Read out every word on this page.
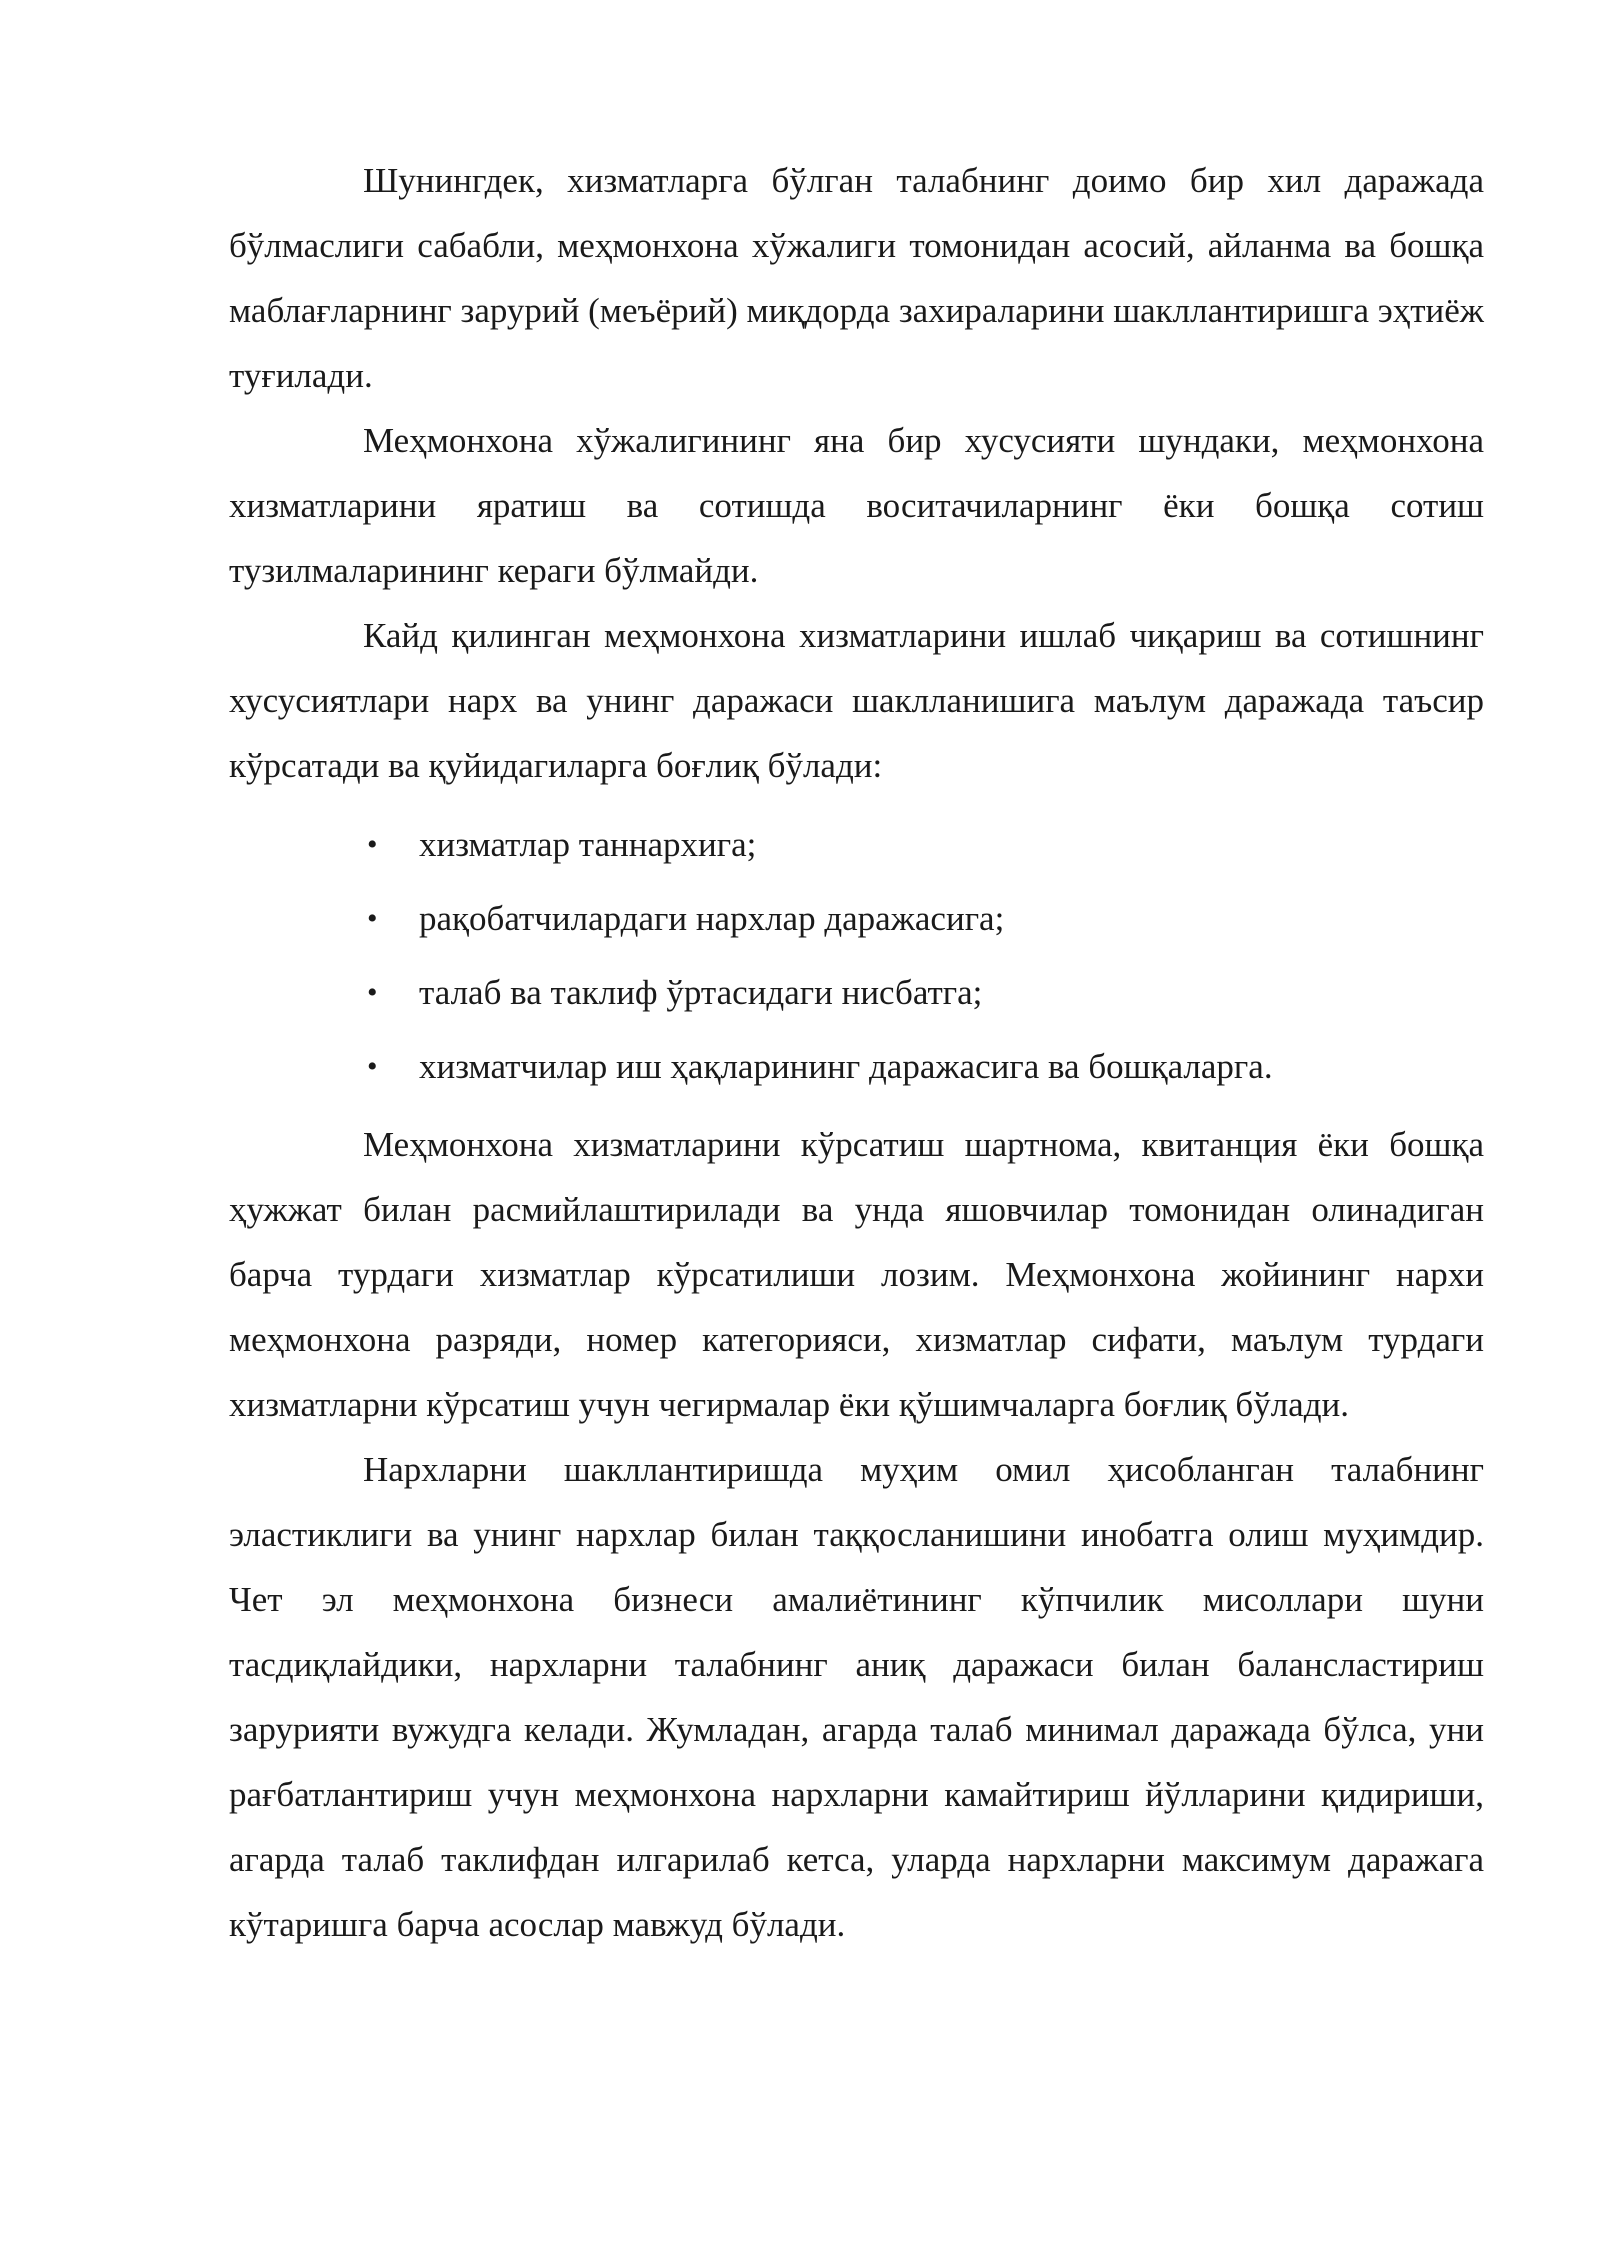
Шунингдек, хизматларга бўлган талабнинг доимо бир хил даражада бўлмаслиги сабабли, меҳмонхона хўжалиги томонидан асосий, айланма ва бошқа маблағларнинг зарурий (меъёрий) миқдорда захираларини шакллантиришга эҳтиёж туғилади.

Меҳмонхона хўжалигининг яна бир хусусияти шундаки, меҳмонхона хизматларини яратиш ва сотишда воситачиларнинг ёки бошқа сотиш тузилмаларининг кераги бўлмайди.

Кайд қилинган меҳмонхона хизматларини ишлаб чиқариш ва сотишнинг хусусиятлари нарх ва унинг даражаси шаклланишига маълум даражада таъсир кўрсатади ва қуйидагиларга боғлиқ бўлади:

• хизматлар таннархига;
• рақобатчилардаги нархлар даражасига;
• талаб ва таклиф ўртасидаги нисбатга;
• хизматчилар иш ҳақларининг даражасига ва бошқаларга.

Меҳмонхона хизматларини кўрсатиш шартнома, квитанция ёки бошқа ҳужжат билан расмийлаштирилади ва унда яшовчилар томонидан олинадиган барча турдаги хизматлар кўрсатилиши лозим. Меҳмонхона жойининг нархи меҳмонхона разряди, номер категорияси, хизматлар сифати, маълум турдаги хизматларни кўрсатиш учун чегирмалар ёки қўшимчаларга боғлиқ бўлади.

Нархларни шакллантиришда муҳим омил ҳисобланган талабнинг эластиклиги ва унинг нархлар билан таққосланишини инобатга олиш муҳимдир. Чет эл меҳмонхона бизнеси амалиётининг кўпчилик мисоллари шуни тасдиқлайдики, нархларни талабнинг аниқ даражаси билан балансластириш зарурияти вужудга келади. Жумладан, агарда талаб минимал даражада бўлса, уни рағбатлантириш учун меҳмонхона нархларни камайтириш йўлларини қидириши, агарда талаб таклифдан илгарилаб кетса, уларда нархларни максимум даражага кўтаришга барча асослар мавжуд бўлади.
